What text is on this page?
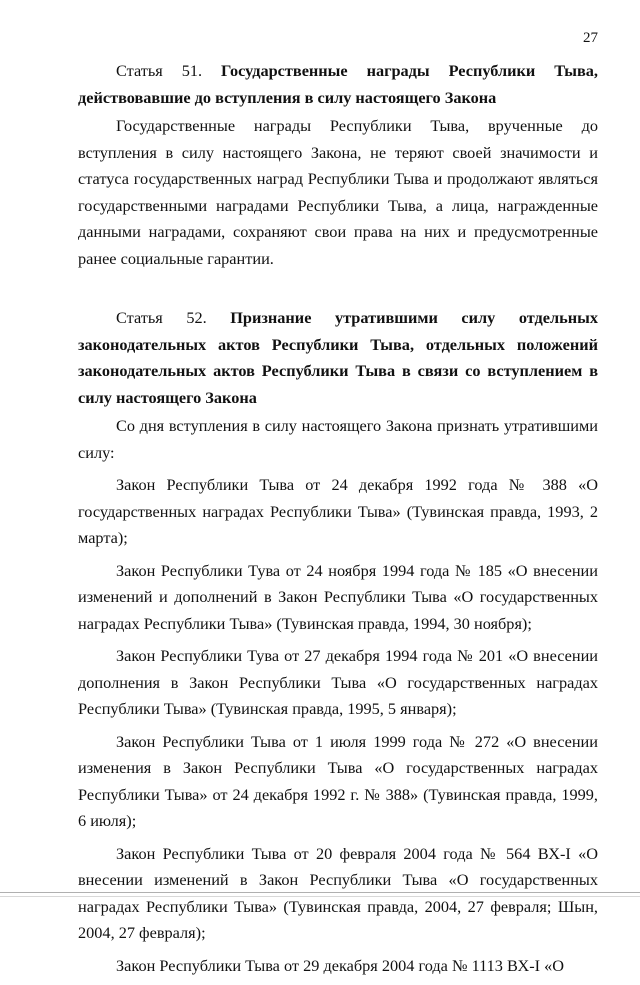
27

Статья 51. Государственные награды Республики Тыва, действовавшие до вступления в силу настоящего Закона

Государственные награды Республики Тыва, врученные до вступления в силу настоящего Закона, не теряют своей значимости и статуса государственных наград Республики Тыва и продолжают являться государственными наградами Республики Тыва, а лица, награжденные данными наградами, сохраняют свои права на них и предусмотренные ранее социальные гарантии.

Статья 52. Признание утратившими силу отдельных законодательных актов Республики Тыва, отдельных положений законодательных актов Республики Тыва в связи со вступлением в силу настоящего Закона

Со дня вступления в силу настоящего Закона признать утратившими силу:

Закон Республики Тыва от 24 декабря 1992 года № 388 «О государственных наградах Республики Тыва» (Тувинская правда, 1993, 2 марта);

Закон Республики Тува от 24 ноября 1994 года № 185 «О внесении изменений и дополнений в Закон Республики Тыва «О государственных наградах Республики Тыва» (Тувинская правда, 1994, 30 ноября);

Закон Республики Тува от 27 декабря 1994 года № 201 «О внесении дополнения в Закон Республики Тыва «О государственных наградах Республики Тыва» (Тувинская правда, 1995, 5 января);

Закон Республики Тыва от 1 июля 1999 года № 272 «О внесении изменения в Закон Республики Тыва «О государственных наградах Республики Тыва» от 24 декабря 1992 г. № 388» (Тувинская правда, 1999, 6 июля);

Закон Республики Тыва от 20 февраля 2004 года № 564 ВХ-I «О внесении изменений в Закон Республики Тыва «О государственных наградах Республики Тыва» (Тувинская правда, 2004, 27 февраля; Шын, 2004, 27 февраля);

Закон Республики Тыва от 29 декабря 2004 года № 1113 ВХ-I «О
